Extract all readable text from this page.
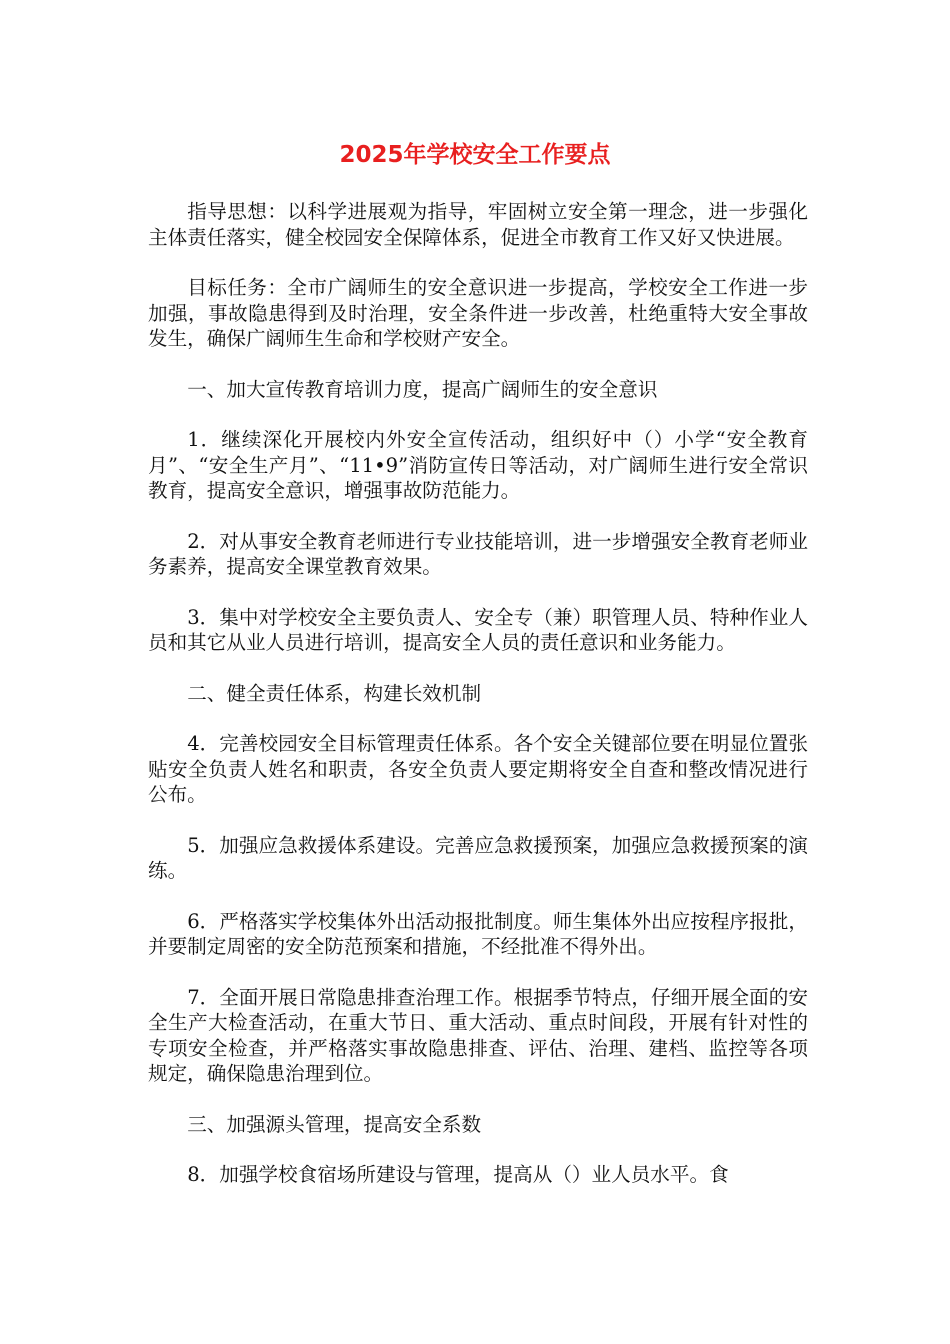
2025年学校安全工作要点

指导思想：以科学进展观为指导，牢固树立安全第一理念，进一步强化主体责任落实，健全校园安全保障体系，促进全市教育工作又好又快进展。

目标任务：全市广阔师生的安全意识进一步提高，学校安全工作进一步加强，事故隐患得到及时治理，安全条件进一步改善，杜绝重特大安全事故发生，确保广阔师生生命和学校财产安全。

一、加大宣传教育培训力度，提高广阔师生的安全意识

1．继续深化开展校内外安全宣传活动，组织好中（）小学“安全教育月”、“安全生产月”、“11•9”消防宣传日等活动，对广阔师生进行安全常识教育，提高安全意识，增强事故防范能力。

2．对从事安全教育老师进行专业技能培训，进一步增强安全教育老师业务素养，提高安全课堂教育效果。

3．集中对学校安全主要负责人、安全专（兼）职管理人员、特种作业人员和其它从业人员进行培训，提高安全人员的责任意识和业务能力。

二、健全责任体系，构建长效机制

4．完善校园安全目标管理责任体系。各个安全关键部位要在明显位置张贴安全负责人姓名和职责，各安全负责人要定期将安全自查和整改情况进行公布。

5．加强应急救援体系建设。完善应急救援预案，加强应急救援预案的演练。

6．严格落实学校集体外出活动报批制度。师生集体外出应按程序报批，并要制定周密的安全防范预案和措施，不经批准不得外出。

7．全面开展日常隐患排查治理工作。根据季节特点，仔细开展全面的安全生产大检查活动，在重大节日、重大活动、重点时间段，开展有针对性的专项安全检查，并严格落实事故隐患排查、评估、治理、建档、监控等各项规定，确保隐患治理到位。

三、加强源头管理，提高安全系数

8．加强学校食宿场所建设与管理，提高从（）业人员水平。食
